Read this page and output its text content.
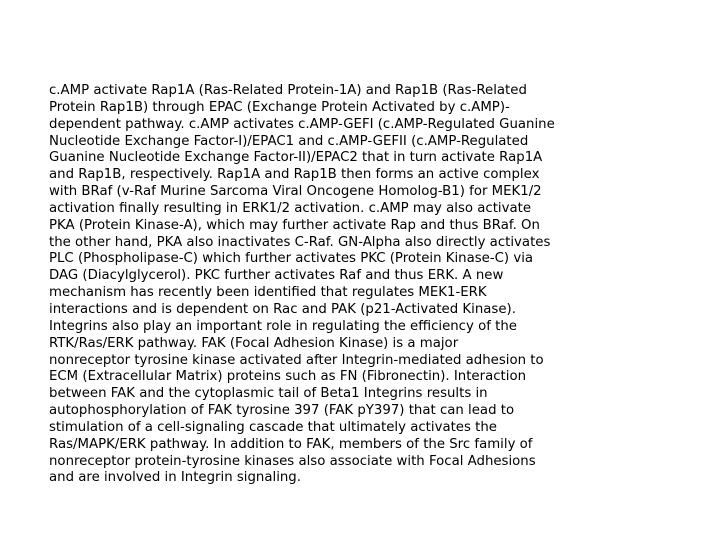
c.AMP activate Rap1A (Ras-Related Protein-1A) and Rap1B (Ras-Related
Protein Rap1B) through EPAC (Exchange Protein Activated by c.AMP)-
dependent pathway. c.AMP activates c.AMP-GEFI (c.AMP-Regulated Guanine
Nucleotide Exchange Factor-I)/EPAC1 and c.AMP-GEFII (c.AMP-Regulated
Guanine Nucleotide Exchange Factor-II)/EPAC2 that in turn activate Rap1A
and Rap1B, respectively. Rap1A and Rap1B then forms an active complex
with BRaf (v-Raf Murine Sarcoma Viral Oncogene Homolog-B1) for MEK1/2
activation finally resulting in ERK1/2 activation. c.AMP may also activate
PKA (Protein Kinase-A), which may further activate Rap and thus BRaf. On
the other hand, PKA also inactivates C-Raf. GN-Alpha also directly activates
PLC (Phospholipase-C) which further activates PKC (Protein Kinase-C) via
DAG (Diacylglycerol). PKC further activates Raf and thus ERK. A new
mechanism has recently been identified that regulates MEK1-ERK
interactions and is dependent on Rac and PAK (p21-Activated Kinase).
Integrins also play an important role in regulating the efficiency of the
RTK/Ras/ERK pathway. FAK (Focal Adhesion Kinase) is a major
nonreceptor tyrosine kinase activated after Integrin-mediated adhesion to
ECM (Extracellular Matrix) proteins such as FN (Fibronectin). Interaction
between FAK and the cytoplasmic tail of Beta1 Integrins results in
autophosphorylation of FAK tyrosine 397 (FAK pY397) that can lead to
stimulation of a cell-signaling cascade that ultimately activates the
Ras/MAPK/ERK pathway. In addition to FAK, members of the Src family of
nonreceptor protein-tyrosine kinases also associate with Focal Adhesions
and are involved in Integrin signaling.
